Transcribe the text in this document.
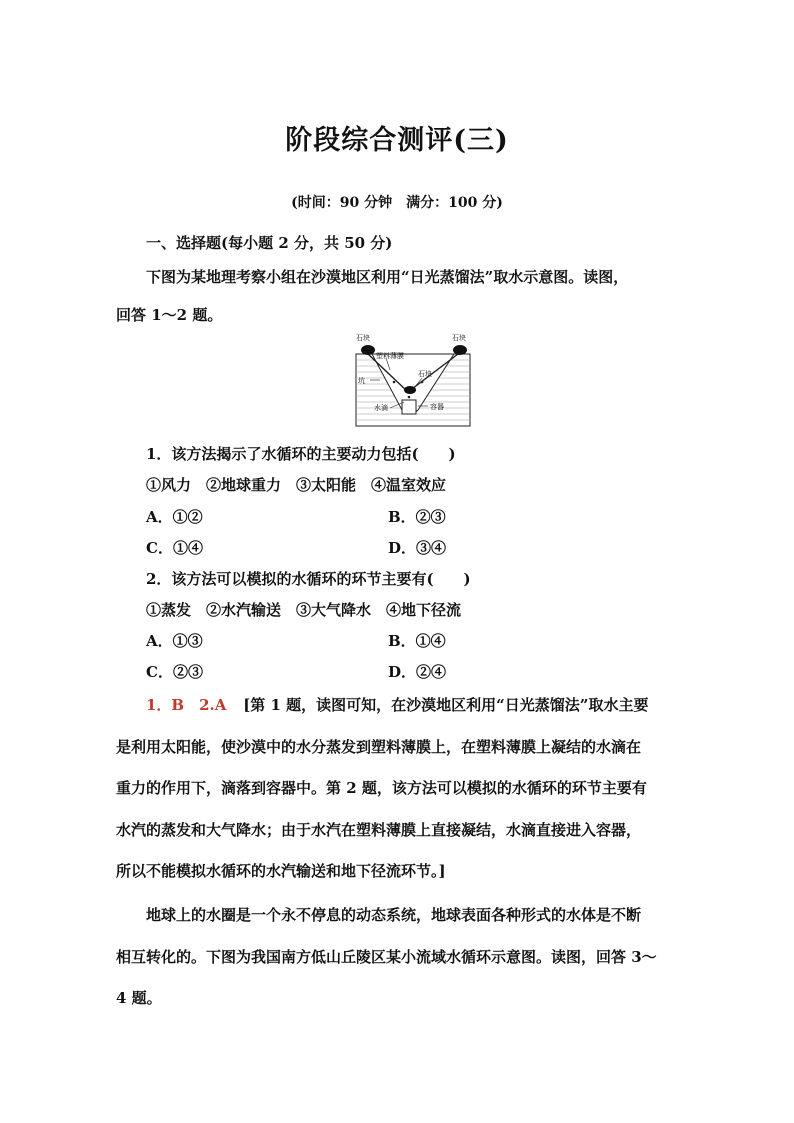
阶段综合测评(三)
(时间：90 分钟　满分：100 分)
一、选择题(每小题 2 分，共 50 分)
下图为某地理考察小组在沙漠地区利用“日光蒸馏法”取水示意图。读图，
回答 1～2 题。
石块	石块
塑料薄膜
石块
坑
水滴	容器
1．该方法揭示了水循环的主要动力包括(　　)
①风力　②地球重力　③太阳能　④温室效应
A．①②	B．②③
C．①④	D．③④
2．该方法可以模拟的水循环的环节主要有(　　)
①蒸发　②水汽输送　③大气降水　④地下径流
A．①③	B．①④
C．②③	D．②④
1．B　2.A [第 1 题，读图可知，在沙漠地区利用“日光蒸馏法”取水主要
是利用太阳能，使沙漠中的水分蒸发到塑料薄膜上，在塑料薄膜上凝结的水滴在
重力的作用下，滴落到容器中。第 2 题，该方法可以模拟的水循环的环节主要有
水汽的蒸发和大气降水；由于水汽在塑料薄膜上直接凝结，水滴直接进入容器，
所以不能模拟水循环的水汽输送和地下径流环节。]
地球上的水圈是一个永不停息的动态系统，地球表面各种形式的水体是不断
相互转化的。下图为我国南方低山丘陵区某小流域水循环示意图。读图，回答 3～
4 题。
